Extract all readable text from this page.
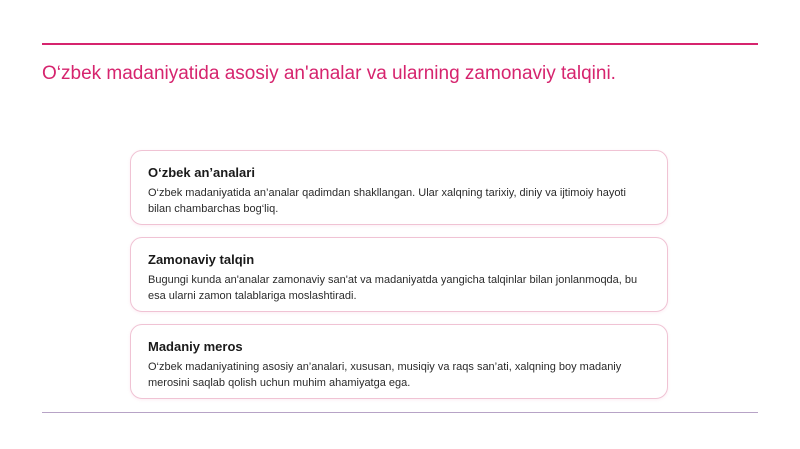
O‘zbek madaniyatida asosiy an'analar va ularning zamonaviy talqini.
O‘zbek an’analari

O‘zbek madaniyatida an’analar qadimdan shakllangan. Ular xalqning tarixiy, diniy va ijtimoiy hayoti bilan chambarchas bog‘liq.

Zamonaviy talqin

Bugungi kunda an'analar zamonaviy san'at va madaniyatda yangicha talqinlar bilan jonlanmoqda, bu esa ularni zamon talablariga moslashtiradi.

Madaniy meros

O‘zbek madaniyatining asosiy an’analari, xususan, musiqiy va raqs san’ati, xalqning boy madaniy merosini saqlab qolish uchun muhim ahamiyatga ega.
